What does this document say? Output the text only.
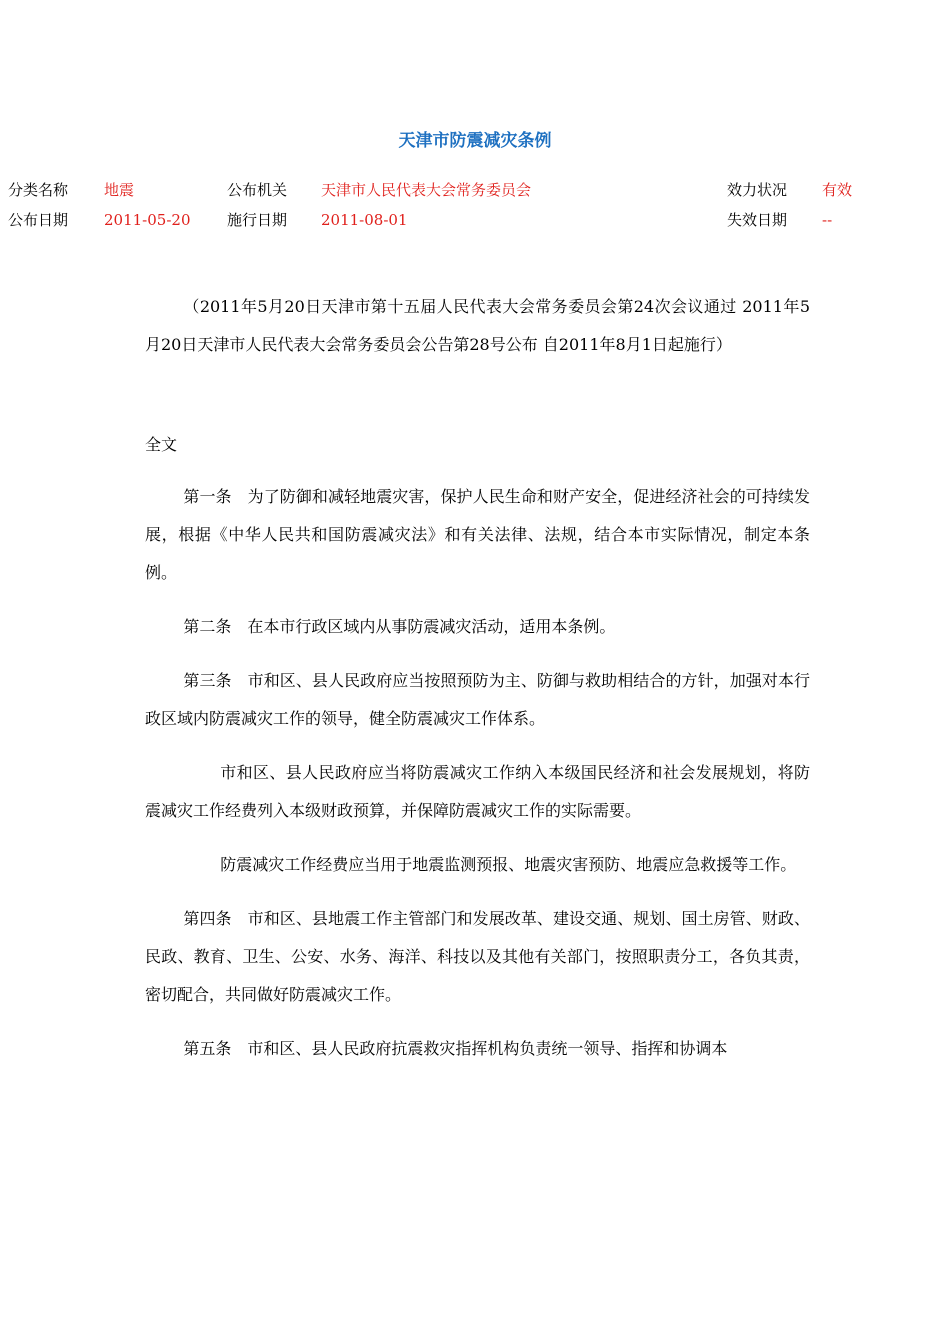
天津市防震减灾条例
分类名称 地震	公布机关 天津市人民代表大会常务委员会	效力状况 有效
公布日期 2011-05-20 施行日期 2011-08-01	失效日期 --

（2011年5月20日天津市第十五届人民代表大会常务委员会第24次会议通过 2011年5月20日天津市人民代表大会常务委员会公告第28号公布 自2011年8月1日起施行）

全文

第一条　为了防御和减轻地震灾害，保护人民生命和财产安全，促进经济社会的可持续发展，根据《中华人民共和国防震减灾法》和有关法律、法规，结合本市实际情况，制定本条例。

第二条　在本市行政区域内从事防震减灾活动，适用本条例。

第三条　市和区、县人民政府应当按照预防为主、防御与救助相结合的方针，加强对本行政区域内防震减灾工作的领导，健全防震减灾工作体系。

市和区、县人民政府应当将防震减灾工作纳入本级国民经济和社会发展规划，将防震减灾工作经费列入本级财政预算，并保障防震减灾工作的实际需要。

防震减灾工作经费应当用于地震监测预报、地震灾害预防、地震应急救援等工作。

第四条　市和区、县地震工作主管部门和发展改革、建设交通、规划、国土房管、财政、民政、教育、卫生、公安、水务、海洋、科技以及其他有关部门，按照职责分工，各负其责，密切配合，共同做好防震减灾工作。

第五条　市和区、县人民政府抗震救灾指挥机构负责统一领导、指挥和协调本
